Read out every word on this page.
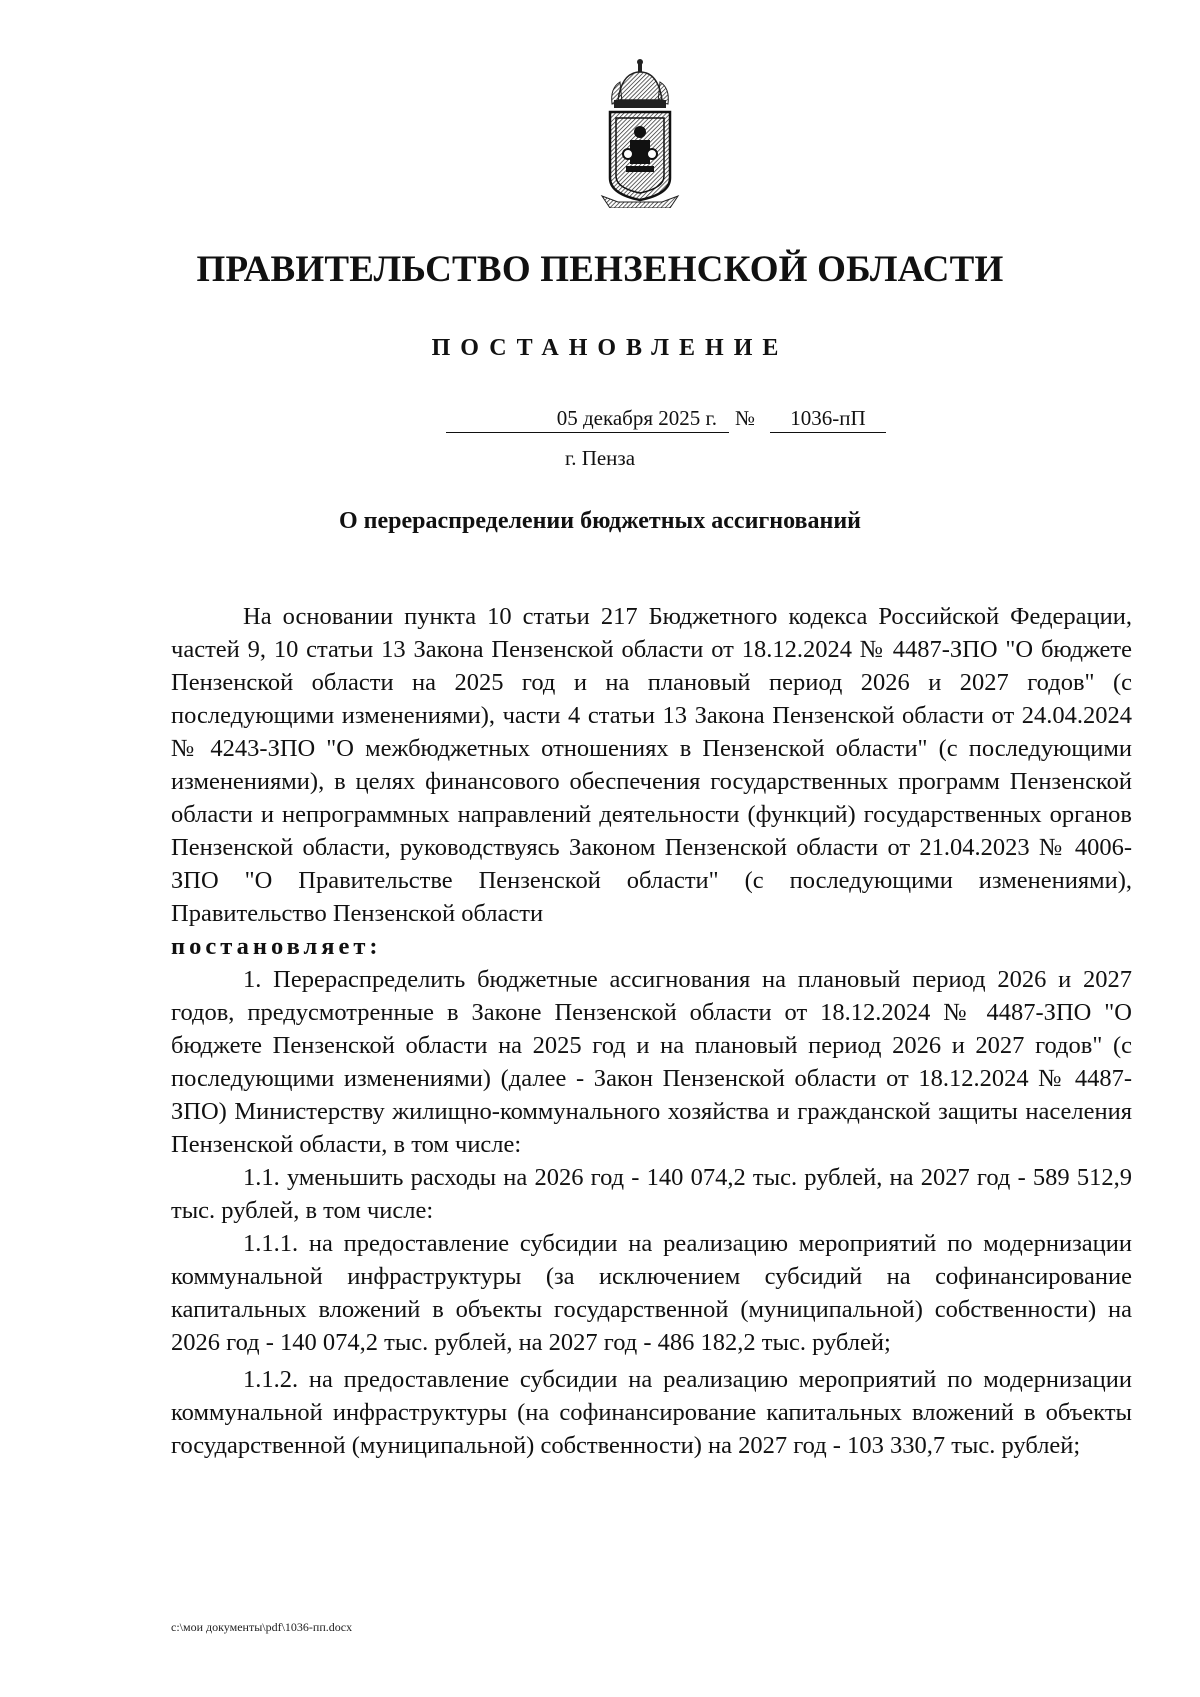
ПРАВИТЕЛЬСТВО ПЕНЗЕНСКОЙ ОБЛАСТИ
ПОСТАНОВЛЕНИЕ
05 декабря 2025 г. №	1036-пП
г. Пенза
О перераспределении бюджетных ассигнований

На основании пункта 10 статьи 217 Бюджетного кодекса Российской Федерации, частей 9, 10 статьи 13 Закона Пензенской области от 18.12.2024 № 4487-ЗПО "О бюджете Пензенской области на 2025 год и на плановый период 2026 и 2027 годов" (с последующими изменениями), части 4 статьи 13 Закона Пензенской области от 24.04.2024 № 4243-ЗПО "О межбюджетных отношениях в Пензенской области" (с последующими изменениями), в целях финансового обеспечения государственных программ Пензенской области и непрограммных направлений деятельности (функций) государственных органов Пензенской области, руководствуясь Законом Пензенской области от 21.04.2023 № 4006-ЗПО "О Правительстве Пензенской области" (с последующими изменениями), Правительство Пензенской области

постановляет:

1. Перераспределить бюджетные ассигнования на плановый период 2026 и 2027 годов, предусмотренные в Законе Пензенской области от 18.12.2024 № 4487-ЗПО "О бюджете Пензенской области на 2025 год и на плановый период 2026 и 2027 годов" (с последующими изменениями) (далее - Закон Пензенской области от 18.12.2024 № 4487-ЗПО) Министерству жилищно-коммунального хозяйства и гражданской защиты населения Пензенской области, в том числе:

1.1. уменьшить расходы на 2026 год - 140 074,2 тыс. рублей, на 2027 год - 589 512,9 тыс. рублей, в том числе:

1.1.1. на предоставление субсидии на реализацию мероприятий по модернизации коммунальной инфраструктуры (за исключением субсидий на софинансирование капитальных вложений в объекты государственной (муниципальной) собственности) на 2026 год - 140 074,2 тыс. рублей, на 2027 год - 486 182,2 тыс. рублей;

1.1.2. на предоставление субсидии на реализацию мероприятий по модернизации коммунальной инфраструктуры (на софинансирование капитальных вложений в объекты государственной (муниципальной) собственности) на 2027 год - 103 330,7 тыс. рублей;

c:\мои документы\pdf\1036-пп.docx
